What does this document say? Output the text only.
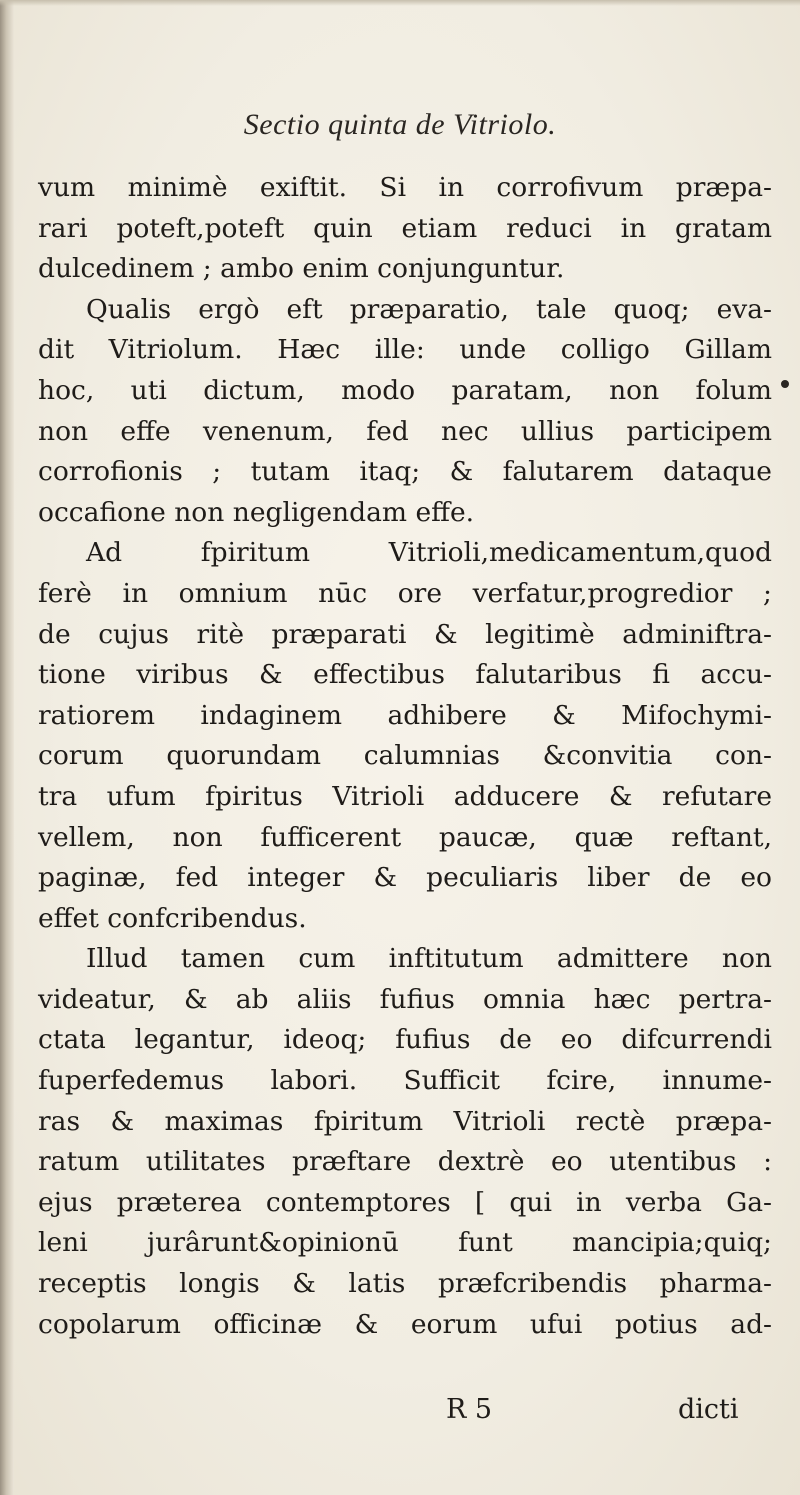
Sectio quinta de Vitriolo.
vum minimè exiftit. Si in corrofivum præpa-
rari poteft,poteft quin etiam reduci in gratam
dulcedinem ; ambo enim conjunguntur.
Qualis ergò eft præparatio, tale quoq; eva-
dit Vitriolum. Hæc ille: unde colligo Gillam
hoc, uti dictum, modo paratam, non folum
non effe venenum, fed nec ullius participem
corrofionis ; tutam itaq; & falutarem dataque
occafione non negligendam effe.
Ad fpiritum Vitrioli,medicamentum,quod
ferè in omnium nūc ore verfatur,progredior ;
de cujus ritè præparati & legitimè adminiftra-
tione viribus & effectibus falutaribus fi accu-
ratiorem indaginem adhibere & Mifochymi-
corum quorundam calumnias &convitia con-
tra ufum fpiritus Vitrioli adducere & refutare
vellem, non fufficerent paucæ, quæ reftant,
paginæ, fed integer & peculiaris liber de eo
effet confcribendus.
Illud tamen cum inftitutum admittere non
videatur, & ab aliis fufius omnia hæc pertra-
ctata legantur, ideoq; fufius de eo difcurrendi
fuperfedemus labori. Sufficit fcire, innume-
ras & maximas fpiritum Vitrioli rectè præpa-
ratum utilitates præftare dextrè eo utentibus :
ejus præterea contemptores [ qui in verba Ga-
leni jurârunt&opinionū funt mancipia;quiq;
receptis longis & latis præfcribendis pharma-
copolarum officinæ & eorum ufui potius ad-
R 5	dicti
